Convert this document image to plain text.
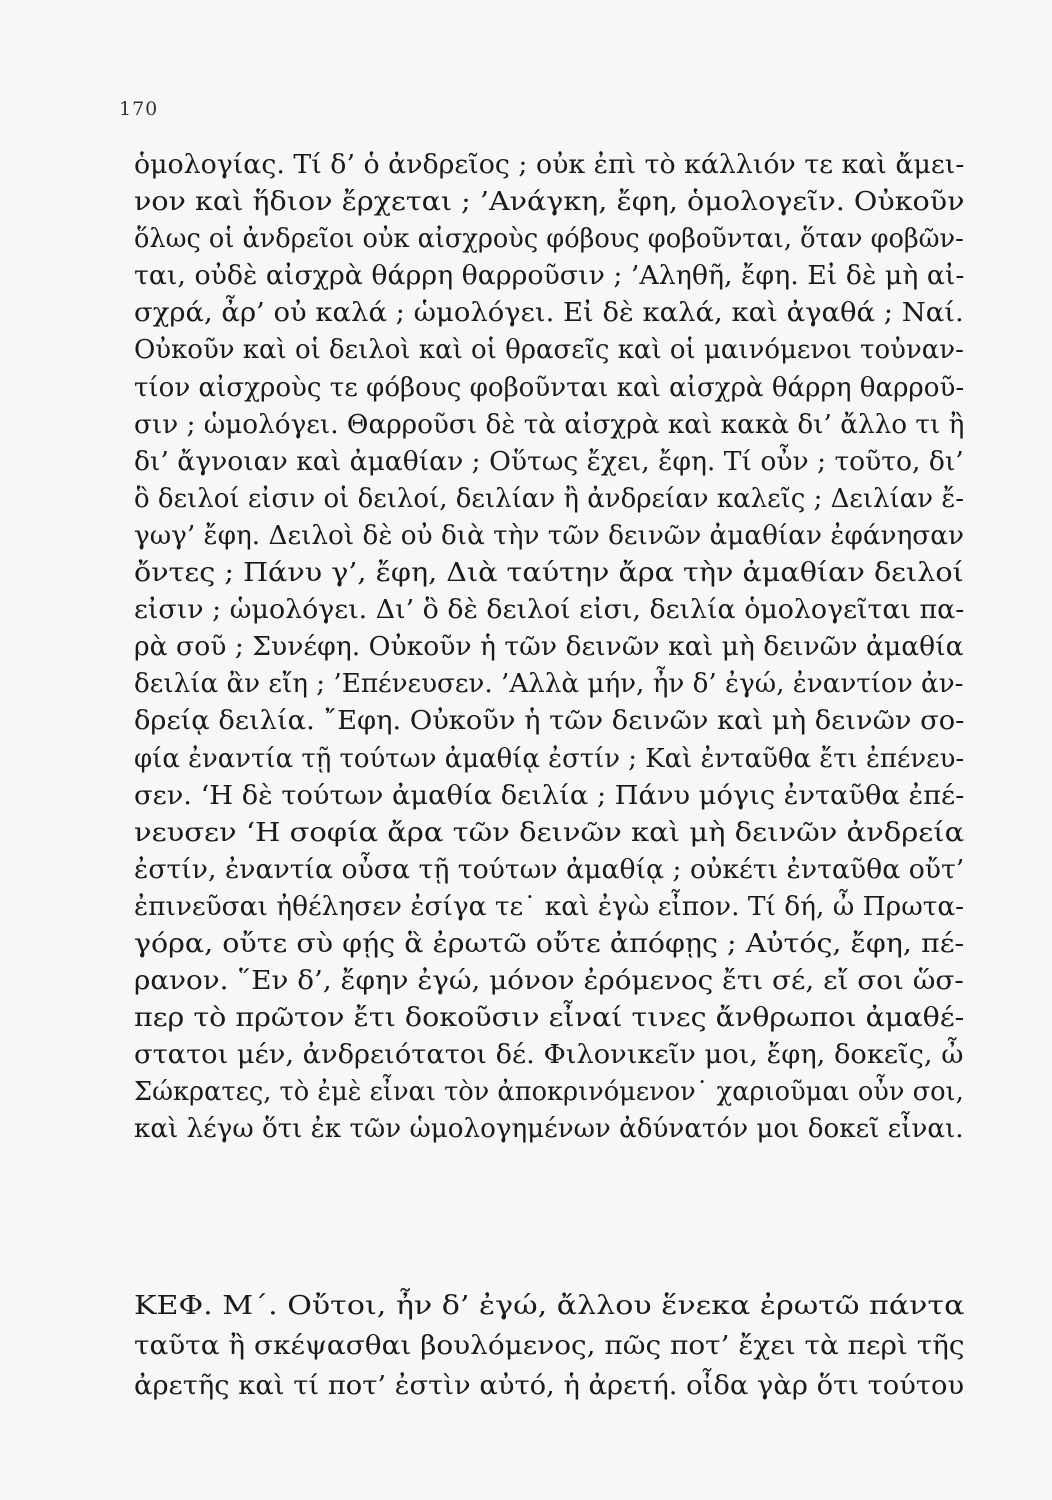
170
ὁμολογίας. Τί δ’ ὁ ἀνδρεῖος ; οὐκ ἐπὶ τὸ κάλλιόν τε καὶ ἄμει-
νον καὶ ἥδιον ἔρχεται ; ’Ανάγκη, ἔφη, ὁμολογεῖν. Οὐκοῦν
ὅλως οἱ ἀνδρεῖοι οὐκ αἰσχροὺς φόβους φοβοῦνται, ὅταν φοβῶν-
ται, οὐδὲ αἰσχρὰ θάρρη θαρροῦσιν ; ’Αληθῆ, ἔφη. Εἰ δὲ μὴ αἰ-
σχρά, ἆρ’ οὐ καλά ; ὡμολόγει. Εἰ δὲ καλά, καὶ ἀγαθά ; Ναί.
Οὐκοῦν καὶ οἱ δειλοὶ καὶ οἱ θρασεῖς καὶ οἱ μαινόμενοι τοὐναν-
τίον αἰσχροὺς τε φόβους φοβοῦνται καὶ αἰσχρὰ θάρρη θαρροῦ-
σιν ; ὡμολόγει. Θαρροῦσι δὲ τὰ αἰσχρὰ καὶ κακὰ δι’ ἄλλο τι ἢ
δι’ ἄγνοιαν καὶ ἀμαθίαν ; Οὕτως ἔχει, ἔφη. Τί οὖν ; τοῦτο, δι’
ὃ δειλοί εἰσιν οἱ δειλοί, δειλίαν ἢ ἀνδρείαν καλεῖς ; Δειλίαν ἔ-
γωγ’ ἔφη. Δειλοὶ δὲ οὐ διὰ τὴν τῶν δεινῶν ἀμαθίαν ἐφάνησαν
ὄντες ; Πάνυ γ’, ἔφη, Διὰ ταύτην ἄρα τὴν ἀμαθίαν δειλοί
εἰσιν ; ὡμολόγει. Δι’ ὃ δὲ δειλοί εἰσι, δειλία ὁμολογεῖται πα-
ρὰ σοῦ ; Συνέφη. Οὐκοῦν ἡ τῶν δεινῶν καὶ μὴ δεινῶν ἀμαθία
δειλία ἂν εἴη ; ’Επένευσεν. ’Αλλὰ μήν, ἦν δ’ ἐγώ, ἐναντίον ἀν-
δρείᾳ δειλία. ῎Εφη. Οὐκοῦν ἡ τῶν δεινῶν καὶ μὴ δεινῶν σο-
φία ἐναντία τῇ τούτων ἀμαθίᾳ ἐστίν ; Καὶ ἐνταῦθα ἔτι ἐπένευ-
σεν. ‘Η δὲ τούτων ἀμαθία δειλία ; Πάνυ μόγις ἐνταῦθα ἐπέ-
νευσεν ‘Η σοφία ἄρα τῶν δεινῶν καὶ μὴ δεινῶν ἀνδρεία
ἐστίν, ἐναντία οὖσα τῇ τούτων ἀμαθίᾳ ; οὐκέτι ἐνταῦθα οὔτ’
ἐπινεῦσαι ἠθέλησεν ἐσίγα τε˙ καὶ ἐγὼ εἶπον. Τί δή, ὦ Πρωτα-
γόρα, οὔτε σὺ φῄς ἃ ἐρωτῶ οὔτε ἀπόφῃς ; Αὐτός, ἔφη, πέ-
ρανον. ῞Εν δ’, ἔφην ἐγώ, μόνον ἐρόμενος ἔτι σέ, εἴ σοι ὥσ-
περ τὸ πρῶτον ἔτι δοκοῦσιν εἶναί τινες ἄνθρωποι ἀμαθέ-
στατοι μέν, ἀνδρειότατοι δέ. Φιλονικεῖν μοι, ἔφη, δοκεῖς, ὦ
Σώκρατες, τὸ ἐμὲ εἶναι τὸν ἀποκρινόμενον˙ χαριοῦμαι οὖν σοι,
καὶ λέγω ὅτι ἐκ τῶν ὡμολογημένων ἀδύνατόν μοι δοκεῖ εἶναι.
ΚΕΦ. Μ΄. Οὔτοι, ἦν δ’ ἐγώ, ἄλλου ἕνεκα ἐρωτῶ πάντα
ταῦτα ἢ σκέψασθαι βουλόμενος, πῶς ποτ’ ἔχει τὰ περὶ τῆς
ἀρετῆς καὶ τί ποτ’ ἐστὶν αὐτό, ἡ ἀρετή. οἶδα γὰρ ὅτι τούτου
